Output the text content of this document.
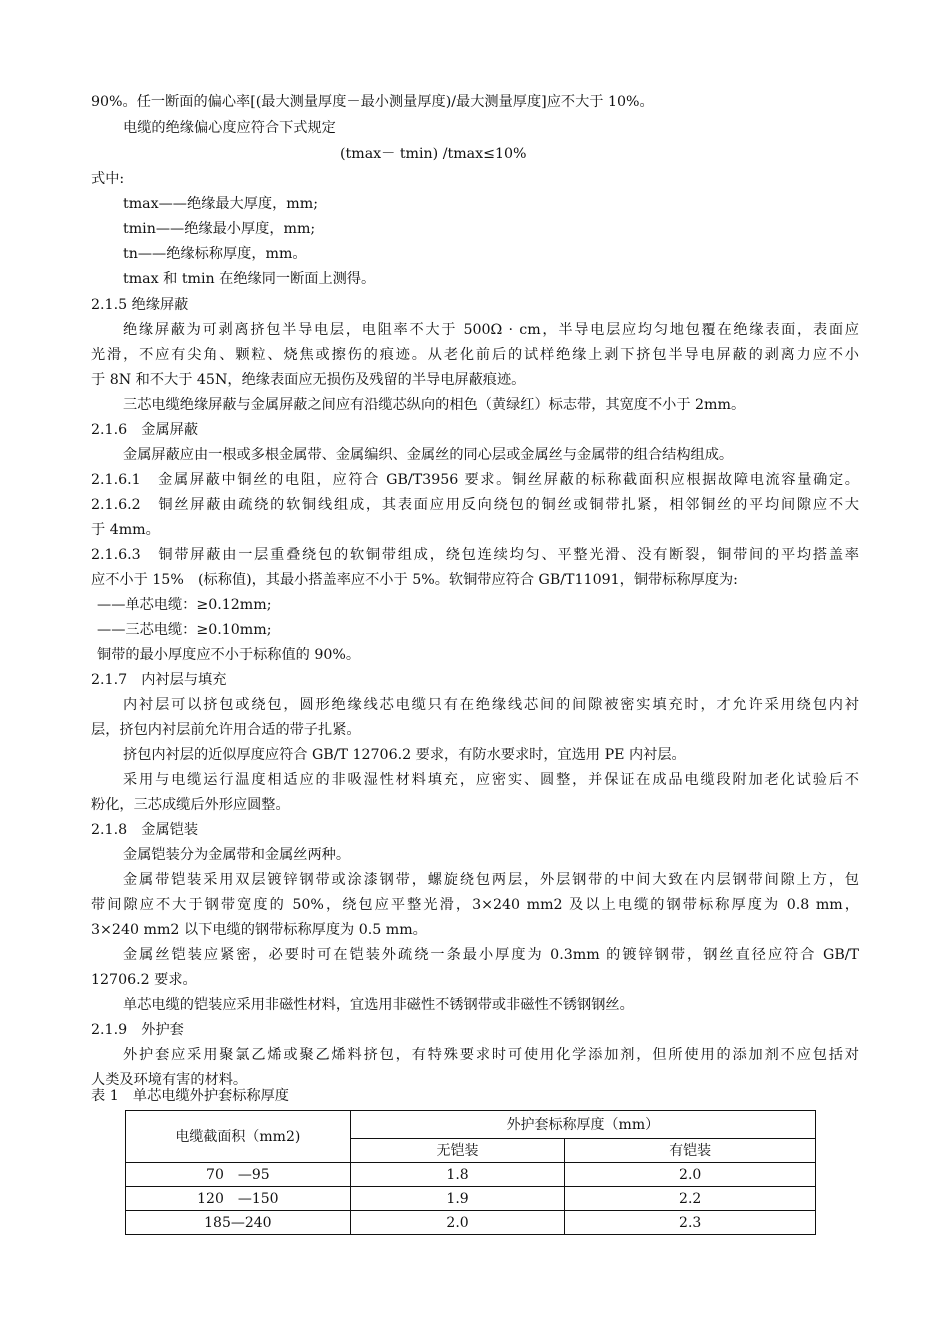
90%。任一断面的偏心率[(最大测量厚度－最小测量厚度)/最大测量厚度]应不大于 10%。
电缆的绝缘偏心度应符合下式规定
(tmax－ tmin) /tmax≤10%
式中:
tmax——绝缘最大厚度，mm;
tmin——绝缘最小厚度，mm;
tn——绝缘标称厚度，mm。
tmax 和 tmin 在绝缘同一断面上测得。
2.1.5 绝缘屏蔽
绝缘屏蔽为可剥离挤包半导电层，电阻率不大于 500Ω · cm，半导电层应均匀地包覆在绝缘表面，表面应
光滑，不应有尖角、颗粒、烧焦或擦伤的痕迹。从老化前后的试样绝缘上剥下挤包半导电屏蔽的剥离力应不小
于 8N 和不大于 45N，绝缘表面应无损伤及残留的半导电屏蔽痕迹。
三芯电缆绝缘屏蔽与金属屏蔽之间应有沿缆芯纵向的相色（黄绿红）标志带，其宽度不小于 2mm。
2.1.6　金属屏蔽
金属屏蔽应由一根或多根金属带、金属编织、金属丝的同心层或金属丝与金属带的组合结构组成。
2.1.6.1　金属屏蔽中铜丝的电阻，应符合 GB/T3956 要求。铜丝屏蔽的标称截面积应根据故障电流容量确定。
2.1.6.2　铜丝屏蔽由疏绕的软铜线组成，其表面应用反向绕包的铜丝或铜带扎紧，相邻铜丝的平均间隙应不大
于 4mm。
2.1.6.3　铜带屏蔽由一层重叠绕包的软铜带组成，绕包连续均匀、平整光滑、没有断裂，铜带间的平均搭盖率
应不小于 15%　(标称值)，其最小搭盖率应不小于 5%。软铜带应符合 GB/T11091，铜带标称厚度为:
——单芯电缆：≥0.12mm;
——三芯电缆：≥0.10mm;
铜带的最小厚度应不小于标称值的 90%。
2.1.7　内衬层与填充
内衬层可以挤包或绕包，圆形绝缘线芯电缆只有在绝缘线芯间的间隙被密实填充时，才允许采用绕包内衬
层，挤包内衬层前允许用合适的带子扎紧。
挤包内衬层的近似厚度应符合 GB/T 12706.2 要求，有防水要求时，宜选用 PE 内衬层。
采用与电缆运行温度相适应的非吸湿性材料填充，应密实、圆整，并保证在成品电缆段附加老化试验后不
粉化，三芯成缆后外形应圆整。
2.1.8　金属铠装
金属铠装分为金属带和金属丝两种。
金属带铠装采用双层镀锌钢带或涂漆钢带，螺旋绕包两层，外层钢带的中间大致在内层钢带间隙上方，包
带间隙应不大于钢带宽度的 50%，绕包应平整光滑，3×240 mm2 及以上电缆的钢带标称厚度为 0.8 mm，
3×240 mm2 以下电缆的钢带标称厚度为 0.5 mm。
金属丝铠装应紧密，必要时可在铠装外疏绕一条最小厚度为 0.3mm 的镀锌钢带，钢丝直径应符合 GB/T
12706.2 要求。
单芯电缆的铠装应采用非磁性材料，宜选用非磁性不锈钢带或非磁性不锈钢钢丝。
2.1.9　外护套
外护套应采用聚氯乙烯或聚乙烯料挤包，有特殊要求时可使用化学添加剂，但所使用的添加剂不应包括对
人类及环境有害的材料。
表 1　单芯电缆外护套标称厚度
电缆截面积（mm2)	外护套标称厚度（mm）	
	无铠装	有铠装
70　—95	1.8	2.0
120　—150	1.9	2.2
185—240	2.0	2.3
